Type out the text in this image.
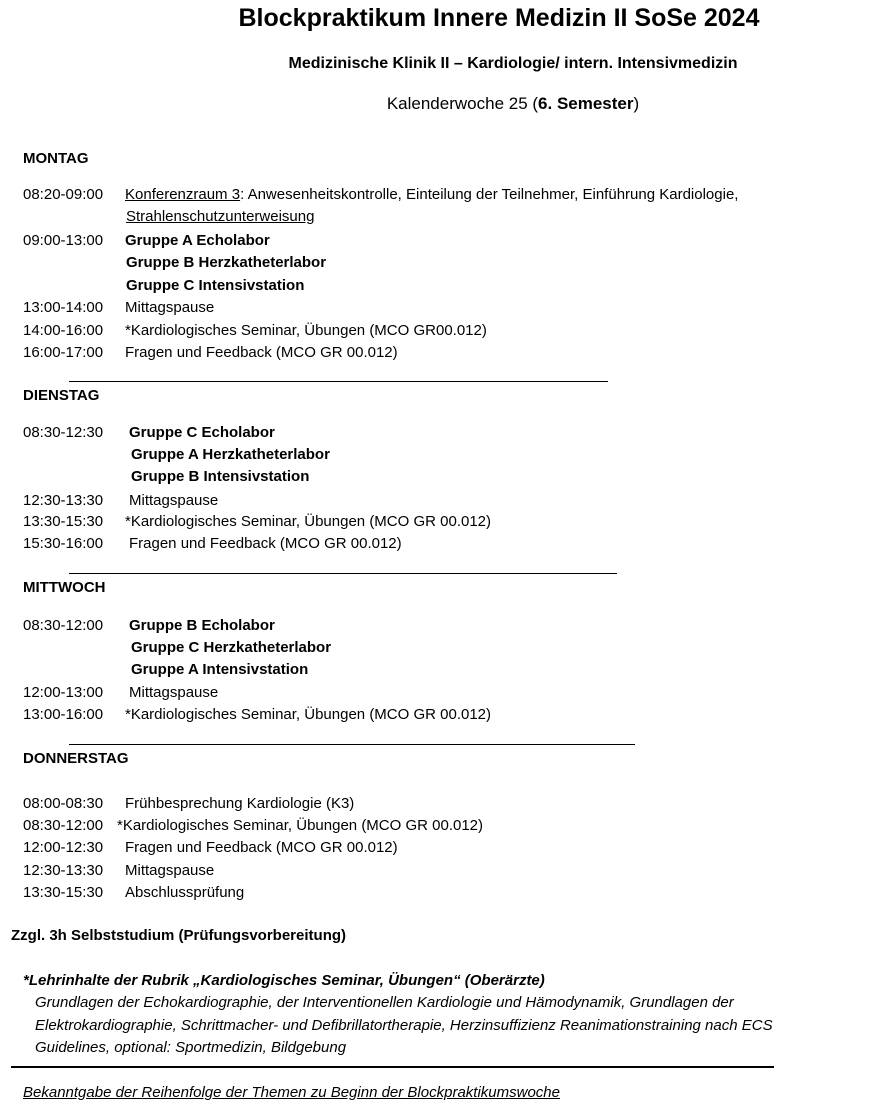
Blockpraktikum Innere Medizin II SoSe 2024
Medizinische Klinik II – Kardiologie/ intern. Intensivmedizin
Kalenderwoche 25 (6. Semester)
MONTAG
08:20-09:00 Konferenzraum 3: Anwesenheitskontrolle, Einteilung der Teilnehmer, Einführung Kardiologie,
Strahlenschutzunterweisung
09:00-13:00 Gruppe A Echolabor
Gruppe B Herzkatheterlabor
Gruppe C Intensivstation
13:00-14:00 Mittagspause
14:00-16:00 *Kardiologisches Seminar, Übungen (MCO GR00.012)
16:00-17:00 Fragen und Feedback (MCO GR 00.012)
DIENSTAG
08:30-12:30 Gruppe C Echolabor
Gruppe A Herzkatheterlabor
Gruppe B Intensivstation
12:30-13:30 Mittagspause
13:30-15:30 *Kardiologisches Seminar, Übungen (MCO GR 00.012)
15:30-16:00 Fragen und Feedback (MCO GR 00.012)
MITTWOCH
08:30-12:00 Gruppe B Echolabor
Gruppe C Herzkatheterlabor
Gruppe A Intensivstation
12:00-13:00 Mittagspause
13:00-16:00 *Kardiologisches Seminar, Übungen (MCO GR 00.012)
DONNERSTAG
08:00-08:30 Frühbesprechung Kardiologie (K3)
08:30-12:00 *Kardiologisches Seminar, Übungen (MCO GR 00.012)
12:00-12:30 Fragen und Feedback (MCO GR 00.012)
12:30-13:30 Mittagspause
13:30-15:30 Abschlussprüfung
Zzgl. 3h Selbststudium (Prüfungsvorbereitung)
*Lehrinhalte der Rubrik „Kardiologisches Seminar, Übungen“ (Oberärzte)
Grundlagen der Echokardiographie, der Interventionellen Kardiologie und Hämodynamik, Grundlagen der
Elektrokardiographie, Schrittmacher- und Defibrillatortherapie, Herzinsuffizienz Reanimationstraining nach ECS
Guidelines, optional: Sportmedizin, Bildgebung
Bekanntgabe der Reihenfolge der Themen zu Beginn der Blockpraktikumswoche
